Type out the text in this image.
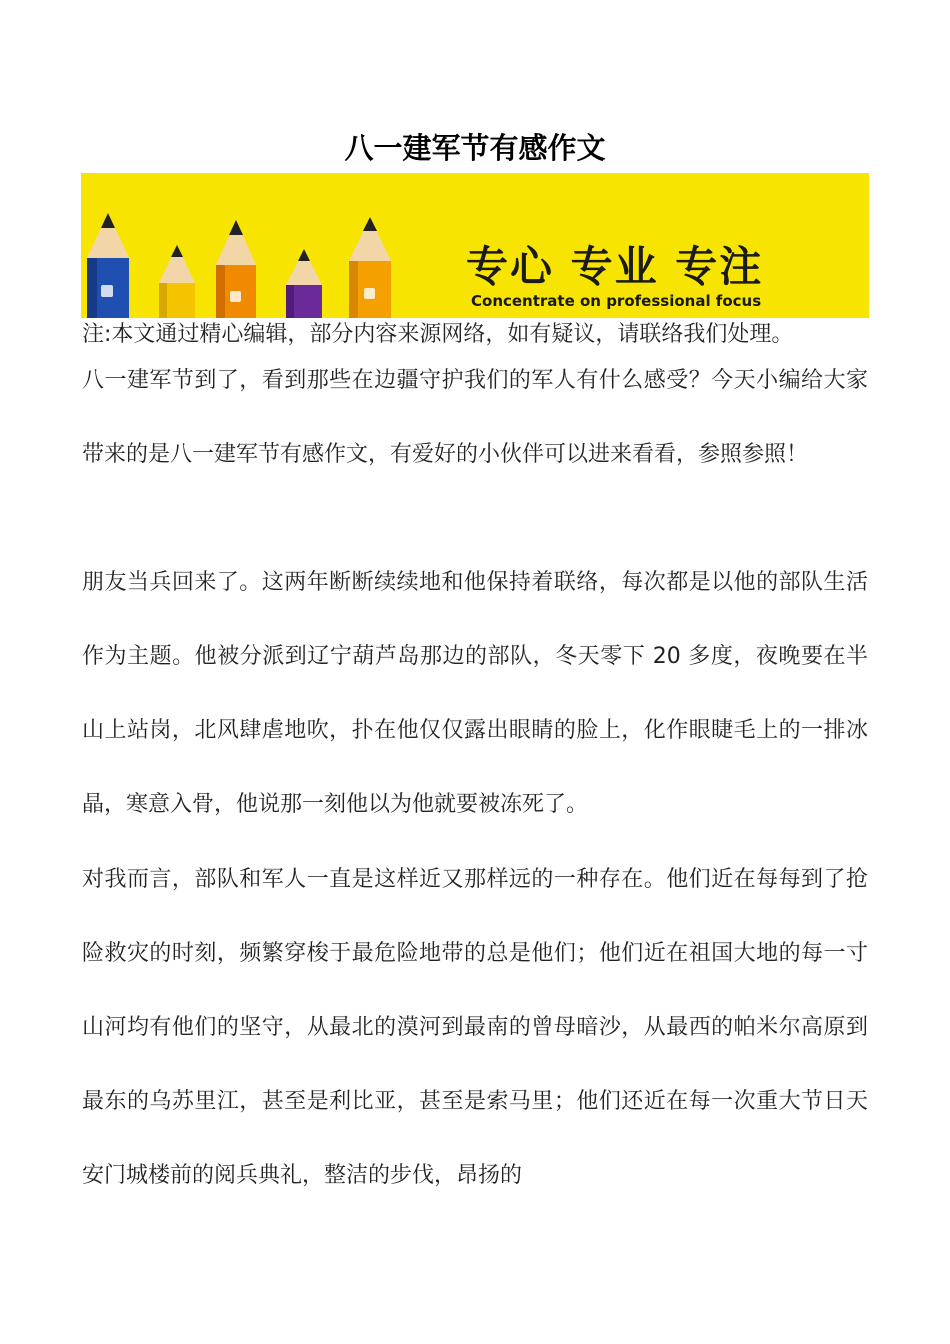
八一建军节有感作文
专心 专业 专注
Concentrate on professional focus
注:本文通过精心编辑，部分内容来源网络，如有疑议，请联络我们处理。
八一建军节到了，看到那些在边疆守护我们的军人有什么感受？今天小编给大家带来的是八一建军节有感作文，有爱好的小伙伴可以进来看看，参照参照！
朋友当兵回来了。这两年断断续续地和他保持着联络，每次都是以他的部队生活作为主题。他被分派到辽宁葫芦岛那边的部队，冬天零下 20 多度，夜晚要在半山上站岗，北风肆虐地吹，扑在他仅仅露出眼睛的脸上，化作眼睫毛上的一排冰晶，寒意入骨，他说那一刻他以为他就要被冻死了。
对我而言，部队和军人一直是这样近又那样远的一种存在。他们近在每每到了抢险救灾的时刻，频繁穿梭于最危险地带的总是他们；他们近在祖国大地的每一寸山河均有他们的坚守，从最北的漠河到最南的曾母暗沙，从最西的帕米尔高原到最东的乌苏里江，甚至是利比亚，甚至是索马里；他们还近在每一次重大节日天安门城楼前的阅兵典礼，整洁的步伐，昂扬的
